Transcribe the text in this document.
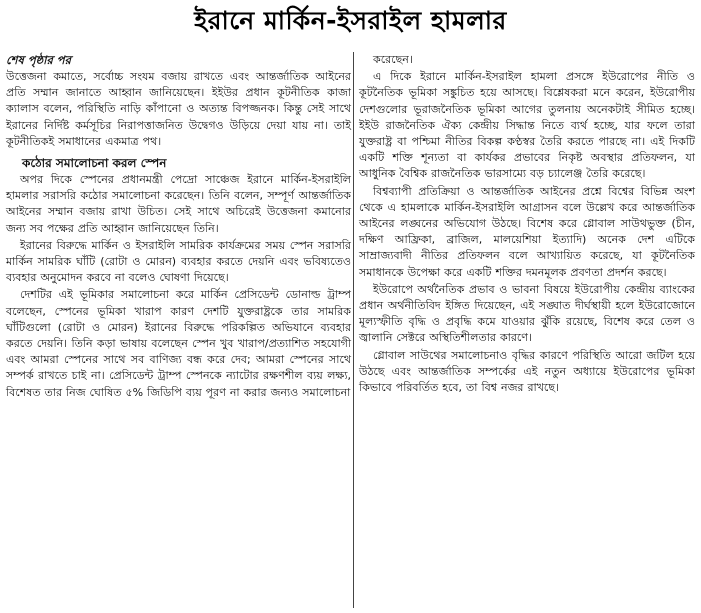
ইরানে মার্কিন-ইসরাইল হামলার
শেষ পৃষ্ঠার পর

উত্তেজনা কমাতে, সর্বোচ্চ সংযম বজায় রাখতে এবং আন্তর্জাতিক আইনের প্রতি সম্মান জানাতে আহ্বান জানিয়েছেন। ইইউর প্রধান কূটনীতিক কাজা ক্যালাস বলেন, পরিস্থিতি নাড়ি কাঁপানো ও অত্যন্ত বিপজ্জনক। কিন্তু সেই সাথে ইরানের নির্দিষ্ট কর্মসূচির নিরাপত্তাজনিত উদ্বেগও উড়িয়ে দেয়া যায় না। তাই কূটনীতিকই সমাধানের একমাত্র পথ।

কঠোর সমালোচনা করল স্পেন

অপর দিকে স্পেনের প্রধানমন্ত্রী পেদ্রো সাঞ্চেজ ইরানে মার্কিন-ইসরাইলি হামলার সরাসরি কঠোর সমালোচনা করেছেন। তিনি বলেন, সম্পূর্ণ আন্তর্জাতিক আইনের সম্মান বজায় রাখা উচিত। সেই সাথে অচিরেই উত্তেজনা কমানোর জন্য সব পক্ষের প্রতি আহ্বান জানিয়েছেন তিনি।

ইরানের বিরুদ্ধে মার্কিন ও ইসরাইলি সামরিক কার্যক্রমের সময় স্পেন সরাসরি মার্কিন সামরিক ঘাঁটি (রোটা ও মোরন) ব্যবহার করতে দেয়নি এবং ভবিষ্যতেও ব্যবহার অনুমোদন করবে না বলেও ঘোষণা দিয়েছে।

দেশটির এই ভূমিকার সমালোচনা করে মার্কিন প্রেসিডেন্ট ডোনাল্ড ট্রাম্প বলেছেন, স্পেনের ভূমিকা খারাপ কারণ দেশটি যুক্তরাষ্ট্রকে তার সামরিক ঘাঁটিগুলো (রোটা ও মোরন) ইরানের বিরুদ্ধে পরিকল্পিত অভিযানে ব্যবহার করতে দেয়নি। তিনি কড়া ভাষায় বলেছেন স্পেন খুব খারাপ/প্রত্যাশিত সহযোগী এবং আমরা স্পেনের সাথে সব বাণিজ্য বন্ধ করে দেব; আমরা স্পেনের সাথে সম্পর্ক রাখতে চাই না। প্রেসিডেন্ট ট্রাম্প স্পেনকে ন্যাটোর রক্ষণশীল ব্যয় লক্ষ্য, বিশেষত তার নিজ ঘোষিত ৫% জিডিপি ব্যয় পূরণ না করার জন্যও সমালোচনা

করেছেন।

এ দিকে ইরানে মার্কিন-ইসরাইল হামলা প্রসঙ্গে ইউরোপের নীতি ও কূটনৈতিক ভূমিকা সঙ্কুচিত হয়ে আসছে। বিশ্লেষকরা মনে করেন, ইউরোপীয় দেশগুলোর ভূরাজনৈতিক ভূমিকা আগের তুলনায় অনেকটাই সীমিত হচ্ছে। ইইউ রাজনৈতিক ঐক্য কেন্দ্রীয় সিদ্ধান্ত নিতে ব্যর্থ হচ্ছে, যার ফলে তারা যুক্তরাষ্ট্র বা পশ্চিমা নীতির বিকল্প কণ্ঠস্বর তৈরি করতে পারছে না। এই দিকটি একটি শক্তি শূন্যতা বা কার্যকর প্রভাবের নিকৃষ্ট অবস্থার প্রতিফলন, যা আধুনিক বৈশ্বিক রাজনৈতিক ভারসাম্যে বড় চ্যালেঞ্জ তৈরি করেছে।

বিশ্বব্যাপী প্রতিক্রিয়া ও আন্তর্জাতিক আইনের প্রশ্নে বিশ্বের বিভিন্ন অংশ থেকে এ হামলাকে মার্কিন-ইসরাইলি আগ্রাসন বলে উল্লেখ করে আন্তর্জাতিক আইনের লঙ্ঘনের অভিযোগ উঠছে। বিশেষ করে গ্লোবাল সাউথভুক্ত (চীন, দক্ষিণ আফ্রিকা, ব্রাজিল, মালয়েশিয়া ইত্যাদি) অনেক দেশ এটিকে সাম্রাজ্যবাদী নীতির প্রতিফলন বলে আখ্যায়িত করেছে, যা কূটনৈতিক সমাধানকে উপেক্ষা করে একটি শক্তির দমনমূলক প্রবণতা প্রদর্শন করছে।

ইউরোপে অর্থনৈতিক প্রভাব ও ভাবনা বিষয়ে ইউরোপীয় কেন্দ্রীয় ব্যাংকের প্রধান অর্থনীতিবিদ ইঙ্গিত দিয়েছেন, এই সঙ্ঘাত দীর্ঘস্থায়ী হলে ইউরোজোনে মূল্যস্ফীতি বৃদ্ধি ও প্রবৃদ্ধি কমে যাওয়ার ঝুঁকি রয়েছে, বিশেষ করে তেল ও জ্বালানি সেক্টরে অস্থিতিশীলতার কারণে।

গ্লোবাল সাউথের সমালোচনাও বৃদ্ধির কারণে পরিস্থিতি আরো জটিল হয়ে উঠছে এবং আন্তর্জাতিক সম্পর্কের এই নতুন অধ্যায়ে ইউরোপের ভূমিকা কিভাবে পরিবর্তিত হবে, তা বিশ্ব নজর রাখছে।
